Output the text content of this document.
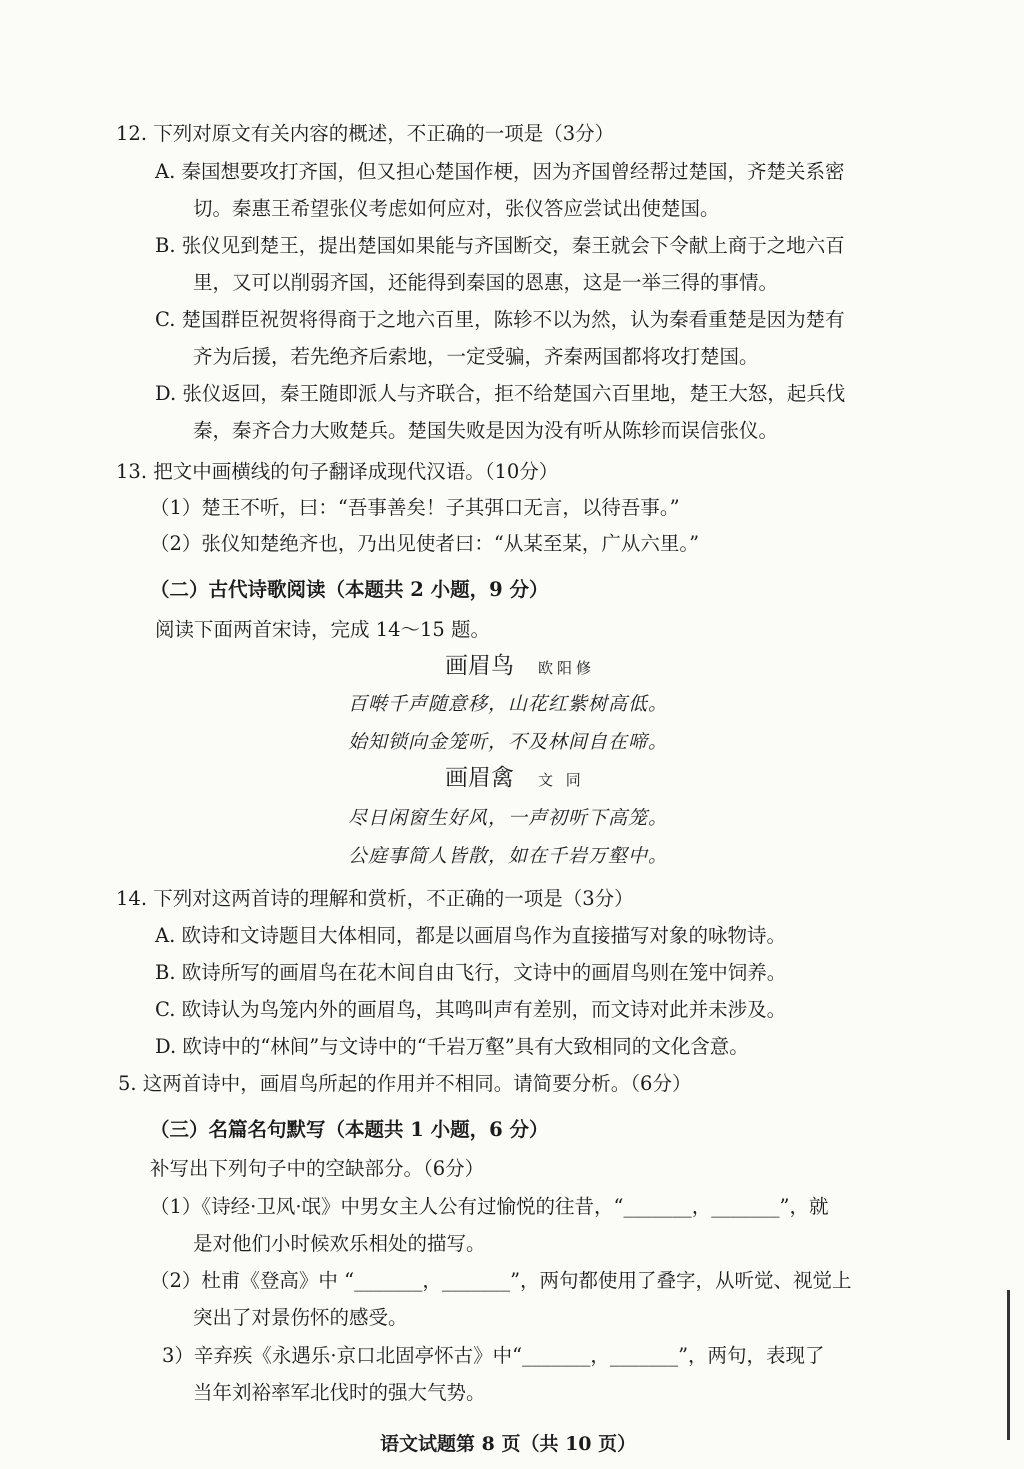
12. 下列对原文有关内容的概述，不正确的一项是（3分）
A. 秦国想要攻打齐国，但又担心楚国作梗，因为齐国曾经帮过楚国，齐楚关系密
切。秦惠王希望张仪考虑如何应对，张仪答应尝试出使楚国。
B. 张仪见到楚王，提出楚国如果能与齐国断交，秦王就会下令献上商于之地六百
里，又可以削弱齐国，还能得到秦国的恩惠，这是一举三得的事情。
C. 楚国群臣祝贺将得商于之地六百里，陈轸不以为然，认为秦看重楚是因为楚有
齐为后援，若先绝齐后索地，一定受骗，齐秦两国都将攻打楚国。
D. 张仪返回，秦王随即派人与齐联合，拒不给楚国六百里地，楚王大怒，起兵伐
秦，秦齐合力大败楚兵。楚国失败是因为没有听从陈轸而误信张仪。
13. 把文中画横线的句子翻译成现代汉语。（10分）
（1）楚王不听，曰：“吾事善矣！子其弭口无言，以待吾事。”
（2）张仪知楚绝齐也，乃出见使者曰：“从某至某，广从六里。”
（二）古代诗歌阅读（本题共 2 小题，9 分）
阅读下面两首宋诗，完成 14～15 题。
画眉鸟 欧阳修
百啭千声随意移，山花红紫树高低。
始知锁向金笼听，不及林间自在啼。
画眉禽 文 同
尽日闲窗生好风，一声初听下高笼。
公庭事简人皆散，如在千岩万壑中。
14. 下列对这两首诗的理解和赏析，不正确的一项是（3分）
A. 欧诗和文诗题目大体相同，都是以画眉鸟作为直接描写对象的咏物诗。
B. 欧诗所写的画眉鸟在花木间自由飞行，文诗中的画眉鸟则在笼中饲养。
C. 欧诗认为鸟笼内外的画眉鸟，其鸣叫声有差别，而文诗对此并未涉及。
D. 欧诗中的“林间”与文诗中的“千岩万壑”具有大致相同的文化含意。
5. 这两首诗中，画眉鸟所起的作用并不相同。请简要分析。（6分）
（三）名篇名句默写（本题共 1 小题，6 分）
补写出下列句子中的空缺部分。（6分）
（1）《诗经·卫风·氓》中男女主人公有过愉悦的往昔，“_______，_______”，就
是对他们小时候欢乐相处的描写。
（2）杜甫《登高》中 “_______，_______”，两句都使用了叠字，从听觉、视觉上
突出了对景伤怀的感受。
3）辛弃疾《永遇乐·京口北固亭怀古》中“_______，_______”，两句，表现了
当年刘裕率军北伐时的强大气势。
语文试题第 8 页（共 10 页）
